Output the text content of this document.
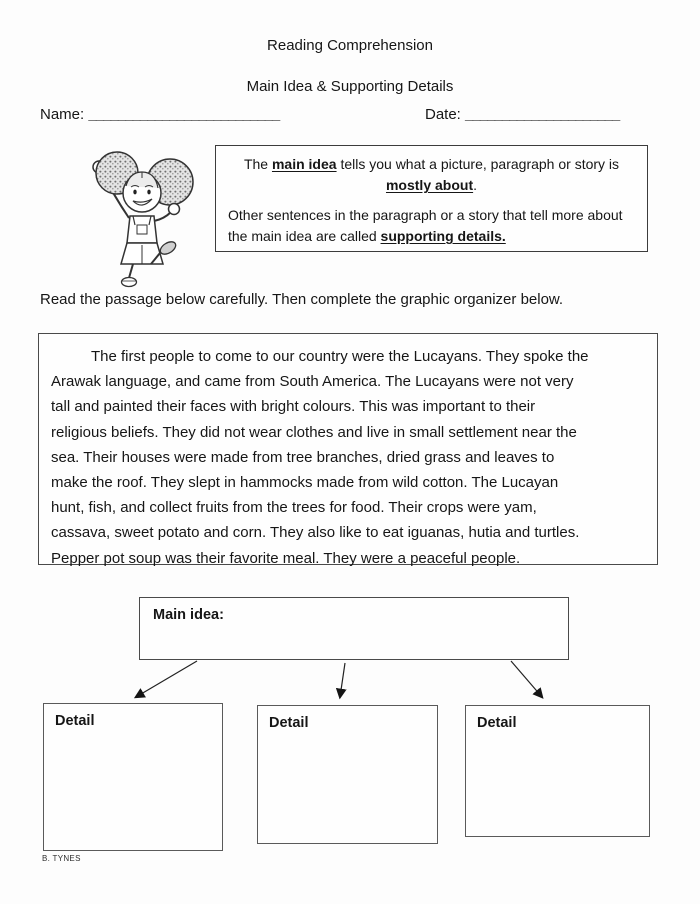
Reading Comprehension
Main Idea & Supporting Details
Name: __________________________	Date: _____________________
The main idea tells you what a picture, paragraph or story is
mostly about.
Other sentences in the paragraph or a story that tell more about the main idea are called supporting details.
Read the passage below carefully. Then complete the graphic organizer below.
The first people to come to our country were the Lucayans. They spoke the
Arawak language, and came from South America. The Lucayans were not very
tall and painted their faces with bright colours. This was important to their
religious beliefs. They did not wear clothes and live in small settlement near the
sea. Their houses were made from tree branches, dried grass and leaves to
make the roof. They slept in hammocks made from wild cotton. The Lucayan
hunt, fish, and collect fruits from the trees for food. Their crops were yam,
cassava, sweet potato and corn. They also like to eat iguanas, hutia and turtles.
Pepper pot soup was their favorite meal. They were a peaceful people.
Main idea:
Detail	Detail	Detail
B. TYNES
